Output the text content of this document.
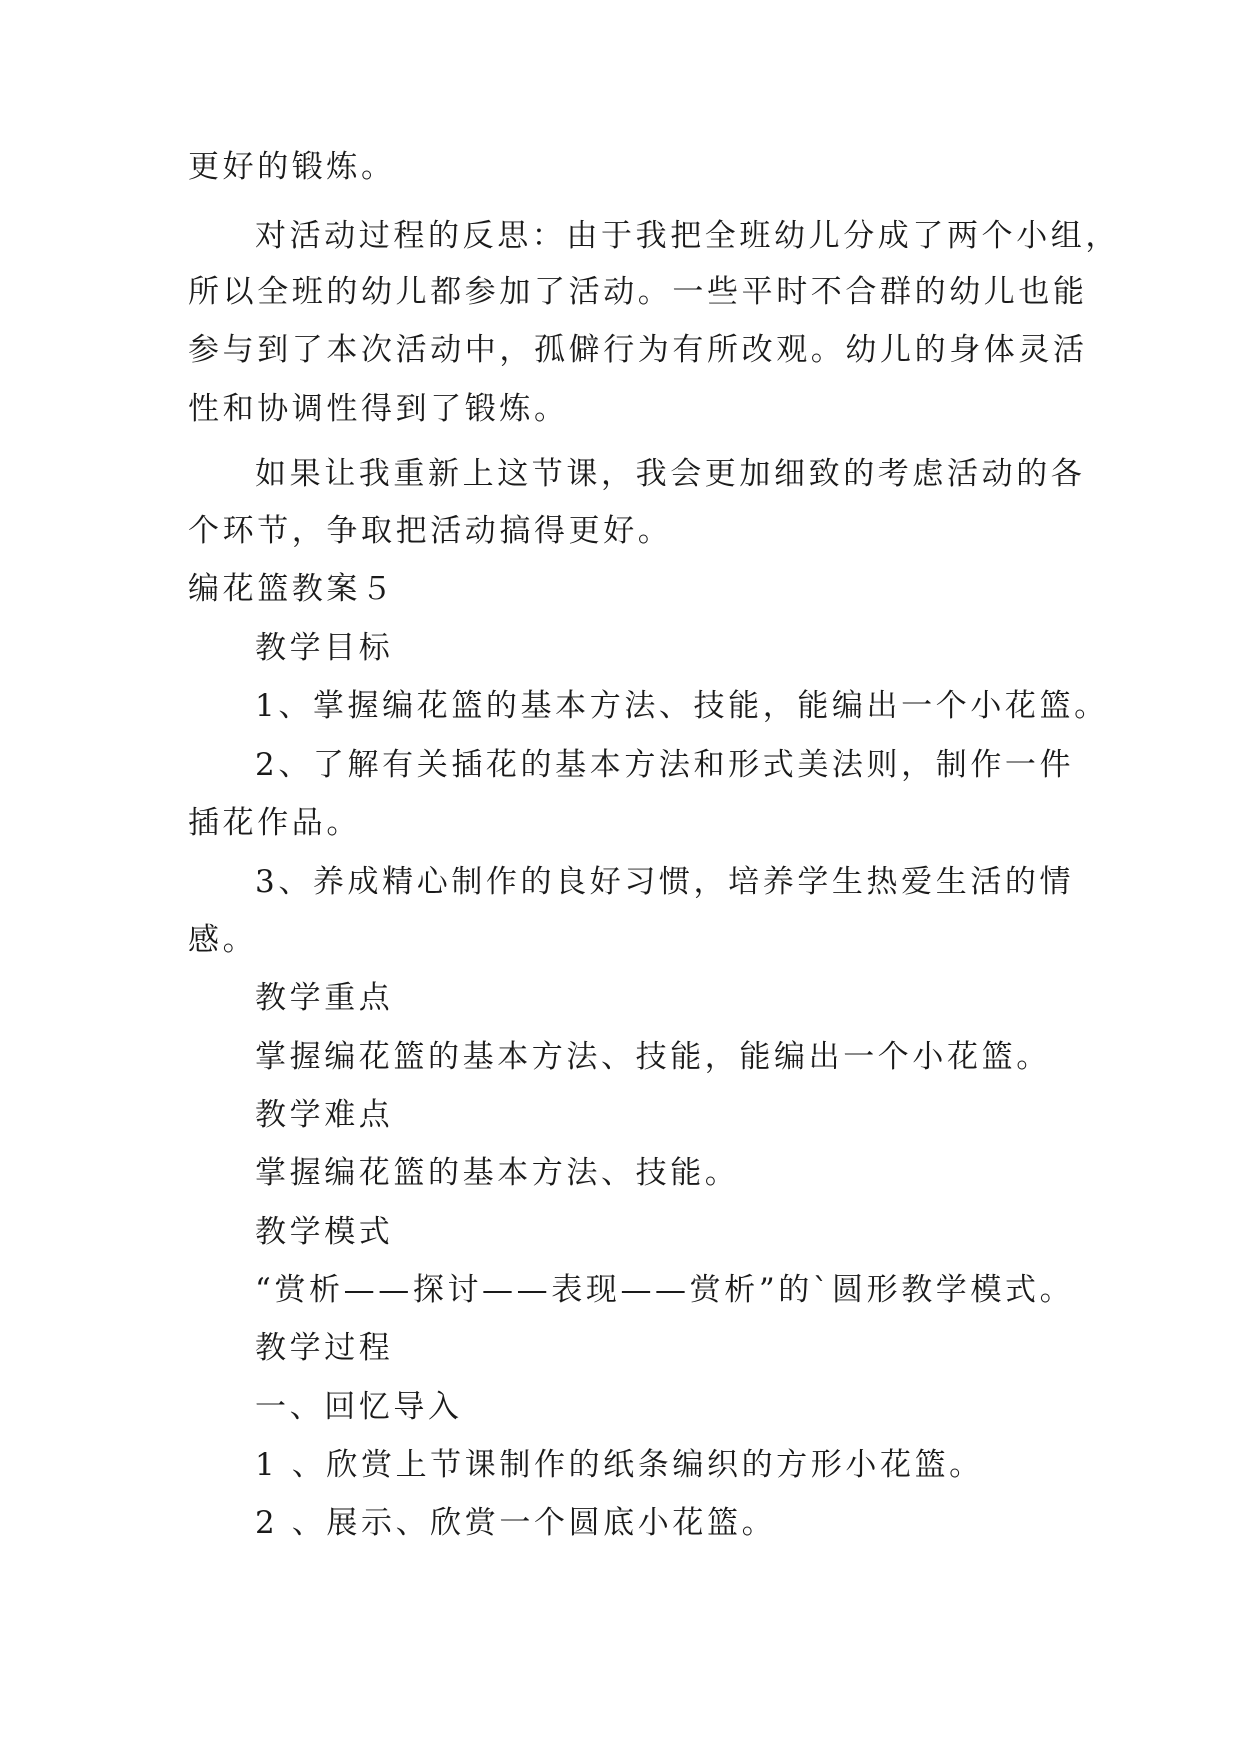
更好的锻炼。
对活动过程的反思：由于我把全班幼儿分成了两个小组，
所以全班的幼儿都参加了活动。一些平时不合群的幼儿也能
参与到了本次活动中，孤僻行为有所改观。幼儿的身体灵活
性和协调性得到了锻炼。
如果让我重新上这节课，我会更加细致的考虑活动的各
个环节，争取把活动搞得更好。
编花篮教案５
教学目标
1、掌握编花篮的基本方法、技能，能编出一个小花篮。
2、了解有关插花的基本方法和形式美法则，制作一件
插花作品。
3、养成精心制作的良好习惯，培养学生热爱生活的情
感。
教学重点
掌握编花篮的基本方法、技能，能编出一个小花篮。
教学难点
掌握编花篮的基本方法、技能。
教学模式
“赏析——探讨——表现——赏析”的`圆形教学模式。
教学过程
一、回忆导入
1 、欣赏上节课制作的纸条编织的方形小花篮。
2 、展示、欣赏一个圆底小花篮。
